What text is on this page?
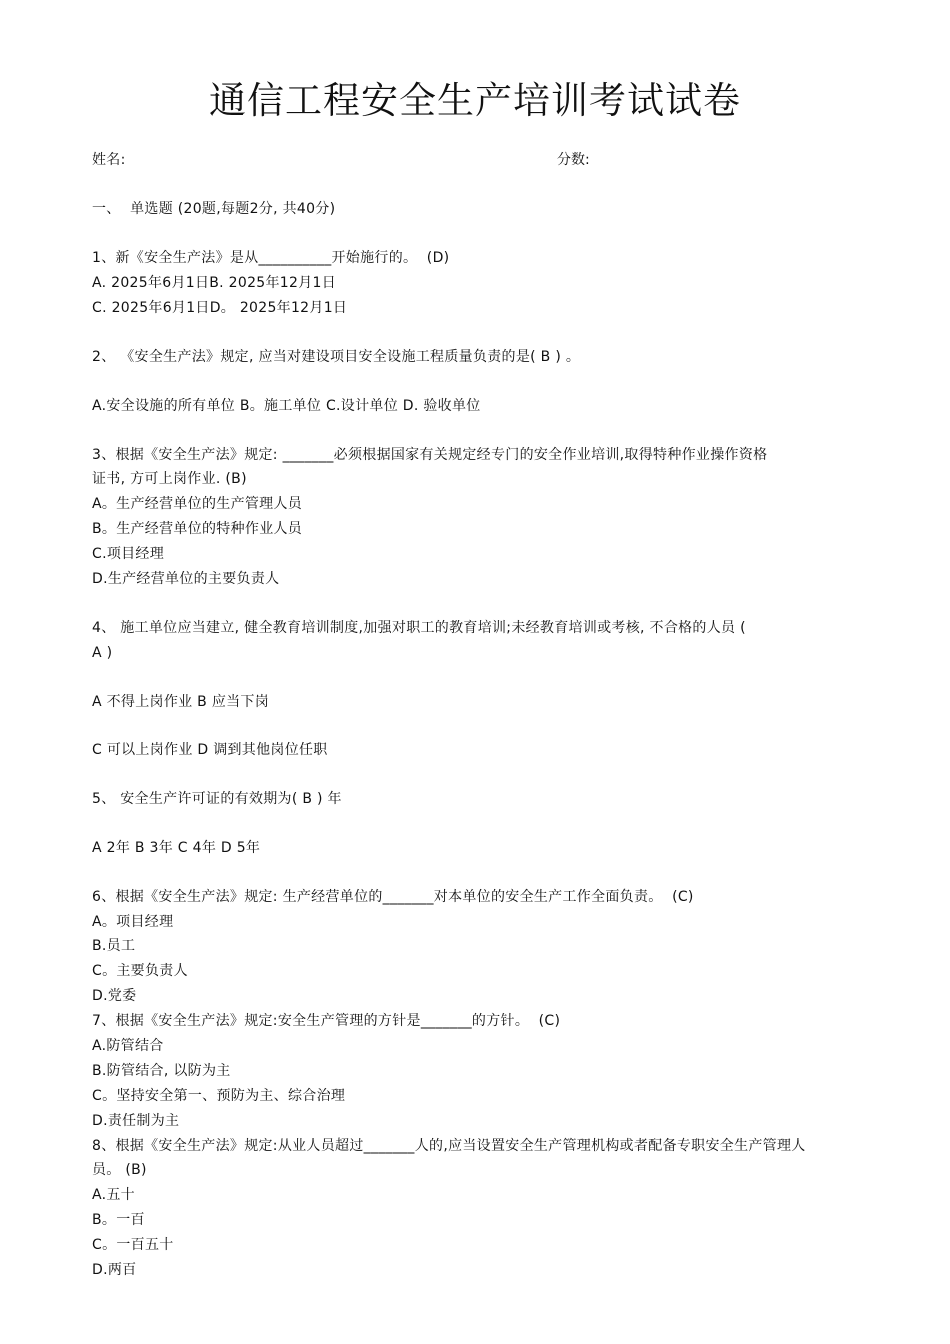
通信工程安全生产培训考试试卷
姓名:	分数:
一、  单选题 (20题,每题2分, 共40分)
1、新《安全生产法》是从__________开始施行的。  (D)
A. 2025年6月1日B. 2025年12月1日
C. 2025年6月1日D。 2025年12月1日
2、 《安全生产法》规定, 应当对建设项目安全设施工程质量负责的是( B ) 。
A.安全设施的所有单位 B。施工单位 C.设计单位 D. 验收单位
3、根据《安全生产法》规定: _______必须根据国家有关规定经专门的安全作业培训,取得特种作业操作资格
证书, 方可上岗作业. (B)
A。生产经营单位的生产管理人员
B。生产经营单位的特种作业人员
C.项目经理
D.生产经营单位的主要负责人
4、 施工单位应当建立, 健全教育培训制度,加强对职工的教育培训;未经教育培训或考核, 不合格的人员 (
A )
A 不得上岗作业 B 应当下岗
C 可以上岗作业 D 调到其他岗位任职
5、 安全生产许可证的有效期为( B ) 年
A 2年 B 3年 C 4年 D 5年
6、根据《安全生产法》规定: 生产经营单位的_______对本单位的安全生产工作全面负责。  (C)
A。项目经理
B.员工
C。主要负责人
D.党委
7、根据《安全生产法》规定:安全生产管理的方针是_______的方针。  (C)
A.防管结合
B.防管结合, 以防为主
C。坚持安全第一、预防为主、综合治理
D.责任制为主
8、根据《安全生产法》规定:从业人员超过_______人的,应当设置安全生产管理机构或者配备专职安全生产管理人
员。 (B)
A.五十
B。一百
C。一百五十
D.两百
